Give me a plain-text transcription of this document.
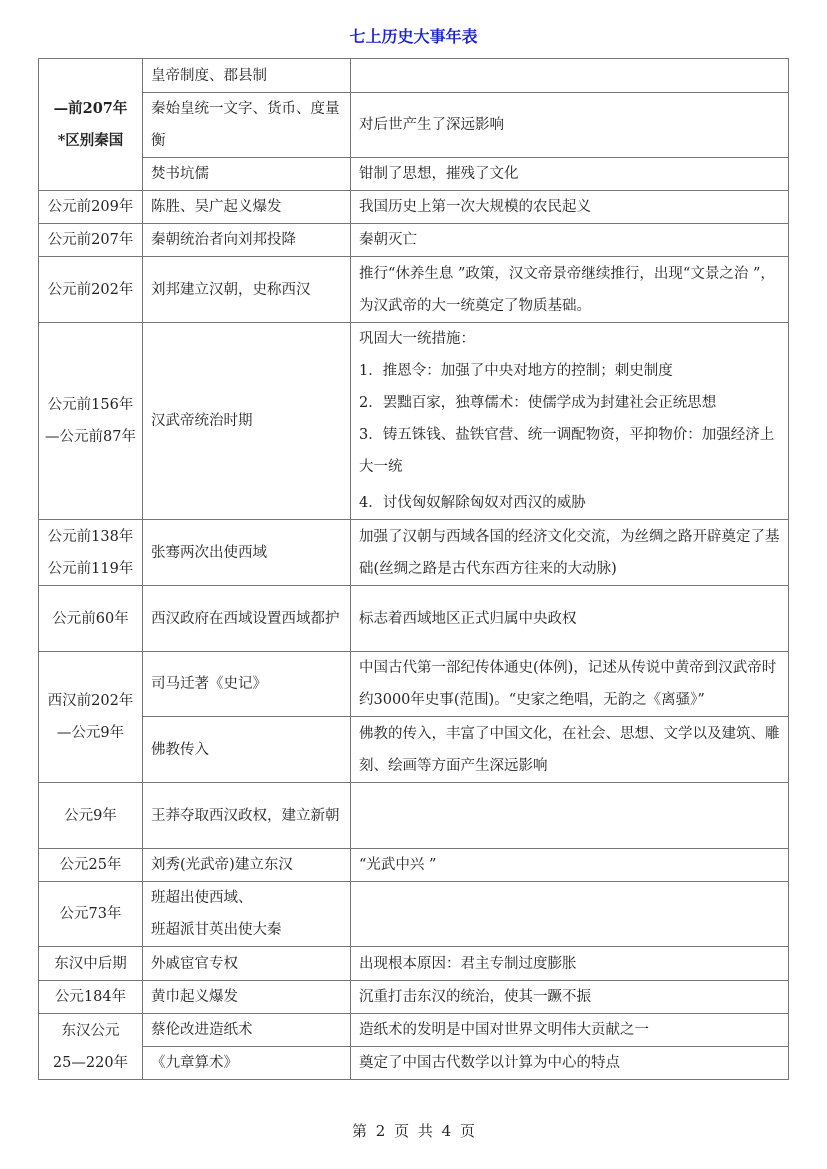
七上历史大事年表
—前207年
*区别秦国	皇帝制度、郡县制	
	秦始皇统一文字、货币、度量衡	对后世产生了深远影响
	焚书坑儒	钳制了思想，摧残了文化
公元前209年	陈胜、吴广起义爆发	我国历史上第一次大规模的农民起义
公元前207年	秦朝统治者向刘邦投降	秦朝灭亡
公元前202年	刘邦建立汉朝，史称西汉	推行“休养生息 ”政策，汉文帝景帝继续推行，出现“文景之治 ”，为汉武帝的大一统奠定了物质基础。

公元前156年
—公元前87年	汉武帝统治时期	巩固大一统措施：
1．推恩令：加强了中央对地方的控制；刺史制度
2．罢黜百家，独尊儒术：使儒学成为封建社会正统思想
3．铸五铢钱、盐铁官营、统一调配物资，平抑物价：加强经济上大一统
4．讨伐匈奴解除匈奴对西汉的威胁

公元前138年
公元前119年	张骞两次出使西域	加强了汉朝与西域各国的经济文化交流，为丝绸之路开辟奠定了基础(丝绸之路是古代东西方往来的大动脉)
公元前60年	西汉政府在西域设置西域都护	标志着西域地区正式归属中央政权

西汉前202年
—公元9年	司马迁著《史记》	中国古代第一部纪传体通史(体例)，记述从传说中黄帝到汉武帝时约3000年史事(范围)。“史家之绝唱，无韵之《离骚》”
	佛教传入	佛教的传入，丰富了中国文化，在社会、思想、文学以及建筑、雕刻、绘画等方面产生深远影响
公元9年	王莽夺取西汉政权，建立新朝	
公元25年	刘秀(光武帝)建立东汉	“光武中兴 ”
公元73年	班超出使西域、
班超派甘英出使大秦	

东汉中后期	外戚宦官专权	出现根本原因：君主专制过度膨胀
公元184年	黄巾起义爆发	沉重打击东汉的统治，使其一蹶不振

东汉公元
25—220年	蔡伦改进造纸术	造纸术的发明是中国对世界文明伟大贡献之一
	《九章算术》	奠定了中国古代数学以计算为中心的特点
第 2 页 共 4 页
